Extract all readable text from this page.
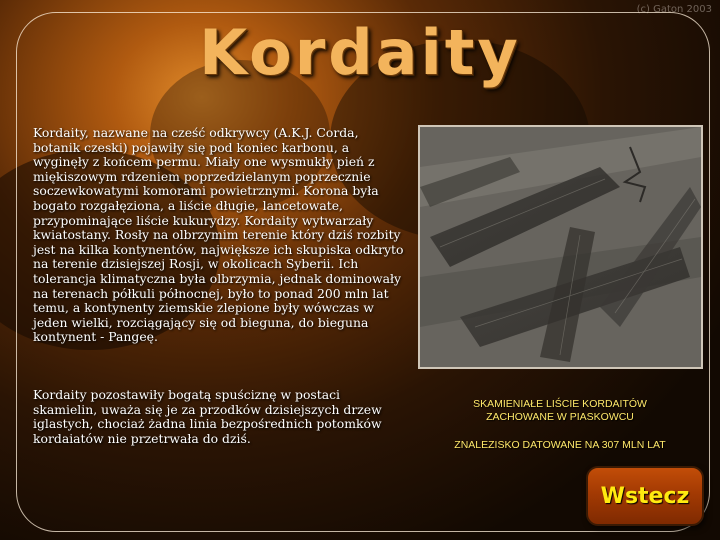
(c) Gaton 2003
Kordaity
Kordaity, nazwane na cześć odkrywcy (A.K.J. Corda, botanik czeski) pojawiły się pod koniec karbonu, a wyginęły z końcem permu. Miały one wysmukły pień z miękiszowym rdzeniem poprzedzielanym poprzecznie soczewkowatymi komorami powietrznymi. Korona była bogato rozgałęziona, a liście długie, lancetowate, przypominające liście kukurydzy. Kordaity wytwarzały kwiatostany. Rosły na olbrzymim terenie który dziś rozbity jest na kilka kontynentów, największe ich skupiska odkryto na terenie dzisiejszej Rosji, w okolicach Syberii. Ich tolerancja klimatyczna była olbrzymia, jednak dominowały na terenach półkuli północnej, było to ponad 200 mln lat temu, a kontynenty ziemskie zlepione były wówczas w jeden wielki, rozciągający się od bieguna, do bieguna kontynent - Pangeę.
Kordaity pozostawiły bogatą spuściznę w postaci skamielin, uważa się je za przodków dzisiejszych drzew iglastych, chociaż żadna linia bezpośrednich potomków kordaiatów nie przetrwała do dziś.
SKAMIENIAŁE LIŚCIE KORDAITÓW ZACHOWANE W PIASKOWCU
ZNALEZISKO DATOWANE NA 307 MLN LAT
Wstecz
